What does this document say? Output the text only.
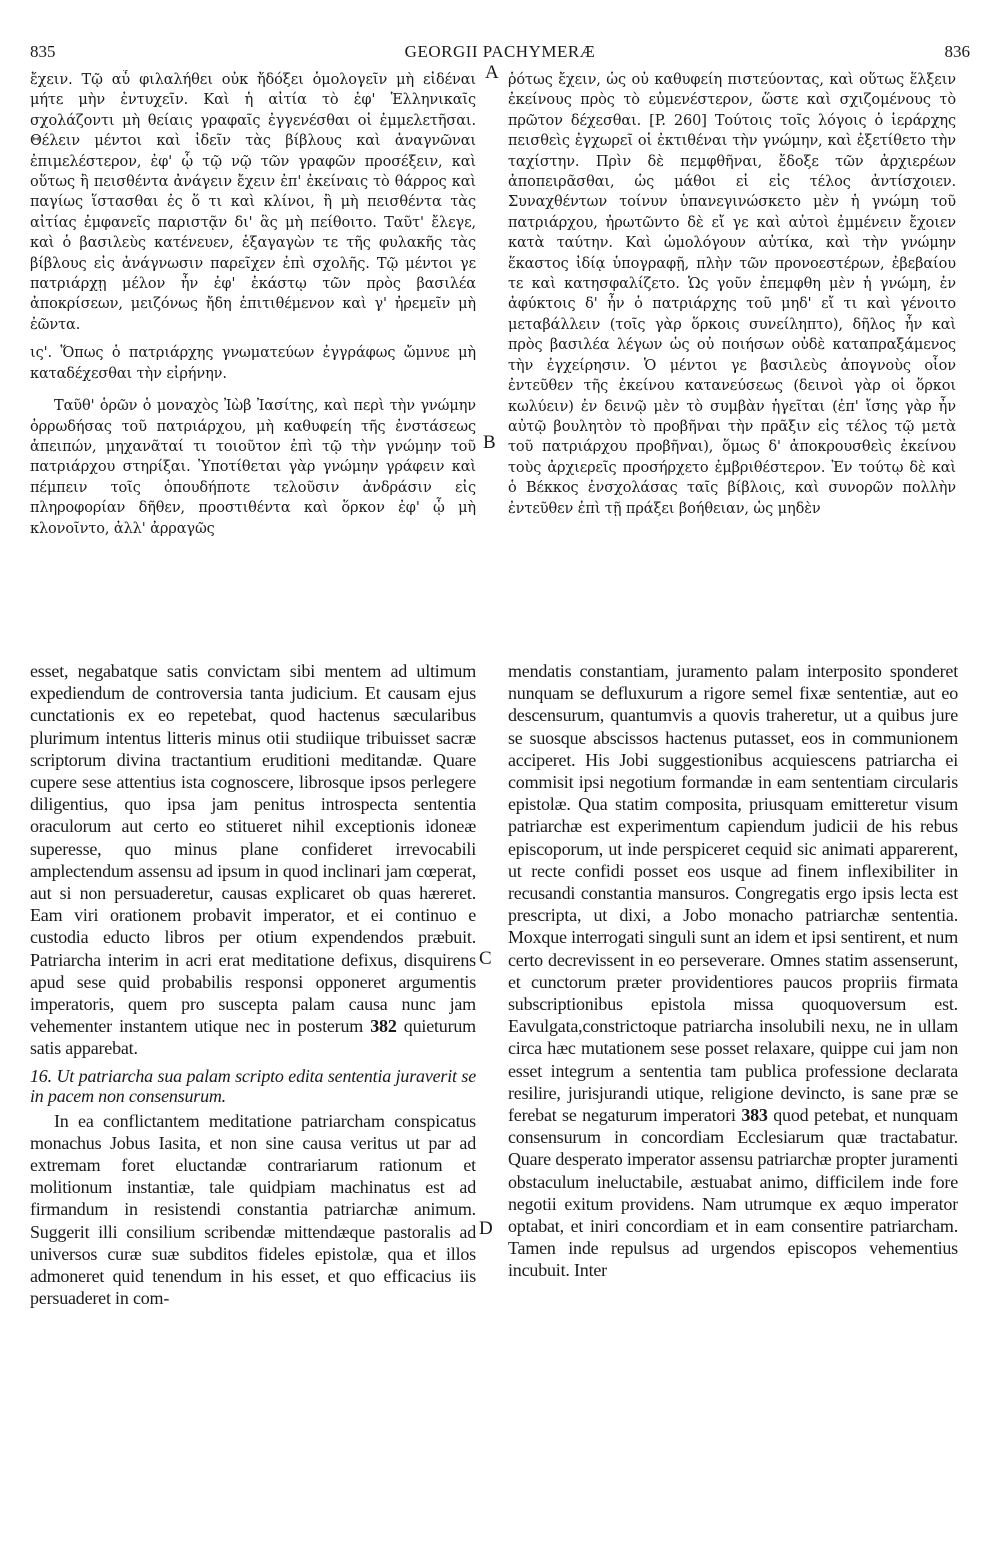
835	GEORGII PACHYMERÆ	836

ἔχειν. Τῷ αὖ φιλαλήθει οὐκ ἤδόξει ὁμολογεῖν μὴ εἰδέναι μήτε μὴν ἐντυχεῖν. Καὶ ἡ αἰτία τὸ ἐφ' Ἑλληνικαῖς σχολάζοντι μὴ θείαις γραφαῖς ἐγγενέσθαι οἱ ἐμμελετῆσαι. Θέλειν μέντοι καὶ ἰδεῖν τὰς βίβλους καὶ ἀναγνῶναι ἐπιμελέστερον, ἐφ' ᾧ τῷ νῷ τῶν γραφῶν προσέξειν, καὶ οὕτως ἢ πεισθέντα ἀνάγειν ἔχειν ἐπ' ἐκείναις τὸ θάρρος καὶ παγίως ἵστασθαι ἐς ὅ τι καὶ κλίνοι, ἢ μὴ πεισθέντα τὰς αἰτίας ἐμφανεῖς παριστᾷν δι' ἃς μὴ πείθοιτο. Ταῦτ' ἔλεγε, καὶ ὁ βασιλεὺς κατένευεν, ἐξαγαγὼν τε τῆς φυλακῆς τὰς βίβλους εἰς ἀνάγνωσιν παρεῖχεν ἐπὶ σχολῆς. Τῷ μέντοι γε πατριάρχῃ μέλον ἦν ἐφ' ἑκάστῳ τῶν πρὸς βασιλέα ἀποκρίσεων, μειζόνως ἤδη ἐπιτιθέμενον καὶ γ' ἠρεμεῖν μὴ ἐῶντα.

ις'. Ὅπως ὁ πατριάρχης γνωματεύων ἐγγράφως ὤμνυε μὴ καταδέχεσθαι τὴν εἰρήνην.

Ταῦθ' ὁρῶν ὁ μοναχὸς Ἰὼβ Ἰασίτης, καὶ περὶ τὴν γνώμην ὀρρωδήσας τοῦ πατριάρχου, μὴ καθυφείη τῆς ἐνστάσεως ἀπειπών, μηχανᾶταί τι τοιοῦτον ἐπὶ τῷ τὴν γνώμην τοῦ πατριάρχου στηρίξαι. Ὑποτίθεται γὰρ γνώμην γράφειν καὶ πέμπειν τοῖς ὁπουδήποτε τελοῦσιν ἀνδράσιν εἰς πληροφορίαν δῆθεν, προστιθέντα καὶ ὅρκον ἐφ' ᾧ μὴ κλονοῖντο, ἀλλ' ἀρραγῶς

ῥότως ἔχειν, ὡς οὐ καθυφείη πιστεύοντας, καὶ οὕτως ἕλξειν ἐκείνους πρὸς τὸ εὐμενέστερον, ὥστε καὶ σχιζομένους τὸ πρῶτον δέχεσθαι. [P. 260] Τούτοις τοῖς λόγοις ὁ ἱεράρχης πεισθεὶς ἐγχωρεῖ οἱ ἐκτιθέναι τὴν γνώμην, καὶ ἐξετίθετο τὴν ταχίστην. Πρὶν δὲ πεμφθῆναι, ἔδοξε τῶν ἀρχιερέων ἀποπειρᾶσθαι, ὡς μάθοι εἰ εἰς τέλος ἀντίσχοιεν. Συναχθέντων τοίνυν ὑπανεγινώσκετο μὲν ἡ γνώμη τοῦ πατριάρχου, ἠρωτῶντο δὲ εἴ γε καὶ αὐτοὶ ἐμμένειν ἔχοιεν κατὰ ταύτην. Καὶ ὡμολόγουν αὐτίκα, καὶ τὴν γνώμην ἕκαστος ἰδίᾳ ὑπογραφῇ, πλὴν τῶν προνοεστέρων, ἐβεβαίου τε καὶ κατησφαλίζετο. Ὡς γοῦν ἐπεμφθη μὲν ἡ γνώμη, ἐν ἀφύκτοις δ' ἦν ὁ πατριάρχης τοῦ μηδ' εἴ τι καὶ γένοιτο μεταβάλλειν (τοῖς γὰρ ὅρκοις συνείληπτο), δῆλος ἦν καὶ πρὸς βασιλέα λέγων ὡς οὐ ποιήσων οὐδὲ καταπραξάμενος τὴν ἐγχείρησιν. Ὁ μέντοι γε βασιλεὺς ἀπογνοὺς οἷον ἐντεῦθεν τῆς ἐκείνου κατανεύσεως (δεινοὶ γὰρ οἱ ὅρκοι κωλύειν) ἐν δεινῷ μὲν τὸ συμβὰν ἡγεῖται (ἐπ' ἴσης γὰρ ἦν αὐτῷ βουλητὸν τὸ προβῆναι τὴν πρᾶξιν εἰς τέλος τῷ μετὰ τοῦ πατριάρχου προβῆναι), ὅμως δ' ἀποκρουσθεὶς ἐκείνου τοὺς ἀρχιερεῖς προσήρχετο ἐμβριθέστερον. Ἐν τούτῳ δὲ καὶ ὁ Βέκκος ἐνσχολάσας ταῖς βίβλοις, καὶ συνορῶν πολλὴν ἐντεῦθεν ἐπὶ τῇ πράξει βοήθειαν, ὡς μηδὲν

esset, negabatque satis convictam sibi mentem ad ultimum expediendum de controversia tanta judicium. Et causam ejus cunctationis ex eo repetebat, quod hactenus sæcularibus plurimum intentus litteris minus otii studiique tribuisset sacræ scriptorum divina tractantium eruditioni meditandæ. Quare cupere sese attentius ista cognoscere, librosque ipsos perlegere diligentius, quo ipsa jam penitus introspecta sententia oraculorum aut certo eo stitueret nihil exceptionis idoneæ superesse, quo minus plane confideret irrevocabili amplectendum assensu ad ipsum in quod inclinari jam cœperat, aut si non persuaderetur, causas explicaret ob quas hæreret. Eam viri orationem probavit imperator, et ei continuo e custodia educto libros per otium expendendos præbuit. Patriarcha interim in acri erat meditatione defixus, disquirens apud sese quid probabilis responsi opponeret argumentis imperatoris, quem pro suscepta palam causa nunc jam vehementer instantem utique nec in posterum 382 quieturum satis apparebat.

16. Ut patriarcha sua palam scripto edita sententia juraverit se in pacem non consensurum.

In ea conflictantem meditatione patriarcham conspicatus monachus Jobus Iasita, et non sine causa veritus ut par ad extremam foret eluctandæ contrariarum rationum et molitionum instantiæ, tale quidpiam machinatus est ad firmandum in resistendi constantia patriarchæ animum. Suggerit illi consilium scribendæ mittendæque pastoralis ad universos curæ suæ subditos fideles epistolæ, qua et illos admoneret quid tenendum in his esset, et quo efficacius iis persuaderet in com-

mendatis constantiam, juramento palam interposito sponderet nunquam se defluxurum a rigore semel fixæ sententiæ, aut eo descensurum, quantumvis a quovis traheretur, ut a quibus jure se suosque abscissos hactenus putasset, eos in communionem acciperet. His Jobi suggestionibus acquiescens patriarcha ei commisit ipsi negotium formandæ in eam sententiam circularis epistolæ. Qua statim composita, priusquam emitteretur visum patriarchæ est experimentum capiendum judicii de his rebus episcoporum, ut inde perspiceret cequid sic animati apparerent, ut recte confidi posset eos usque ad finem inflexibiliter in recusandi constantia mansuros. Congregatis ergo ipsis lecta est prescripta, ut dixi, a Jobo monacho patriarchæ sententia. Moxque interrogati singuli sunt an idem et ipsi sentirent, et num certo decrevissent in eo perseverare. Omnes statim assenserunt, et cunctorum præter providentiores paucos propriis firmata subscriptionibus epistola missa quoquoversum est. Eavulgata,constrictoque patriarcha insolubili nexu, ne in ullam circa hæc mutationem sese posset relaxare, quippe cui jam non esset integrum a sententia tam publica professione declarata resilire, jurisjurandi utique, religione devincto, is sane præ se ferebat se negaturum imperatori 383 quod petebat, et nunquam consensurum in concordiam Ecclesiarum quæ tractabatur. Quare desperato imperator assensu patriarchæ propter juramenti obstaculum ineluctabile, æstuabat animo, difficilem inde fore negotii exitum providens. Nam utrumque ex æquo imperator optabat, et iniri concordiam et in eam consentire patriarcham. Tamen inde repulsus ad urgendos episcopos vehementius incubuit. Inter

A
B
C
D
